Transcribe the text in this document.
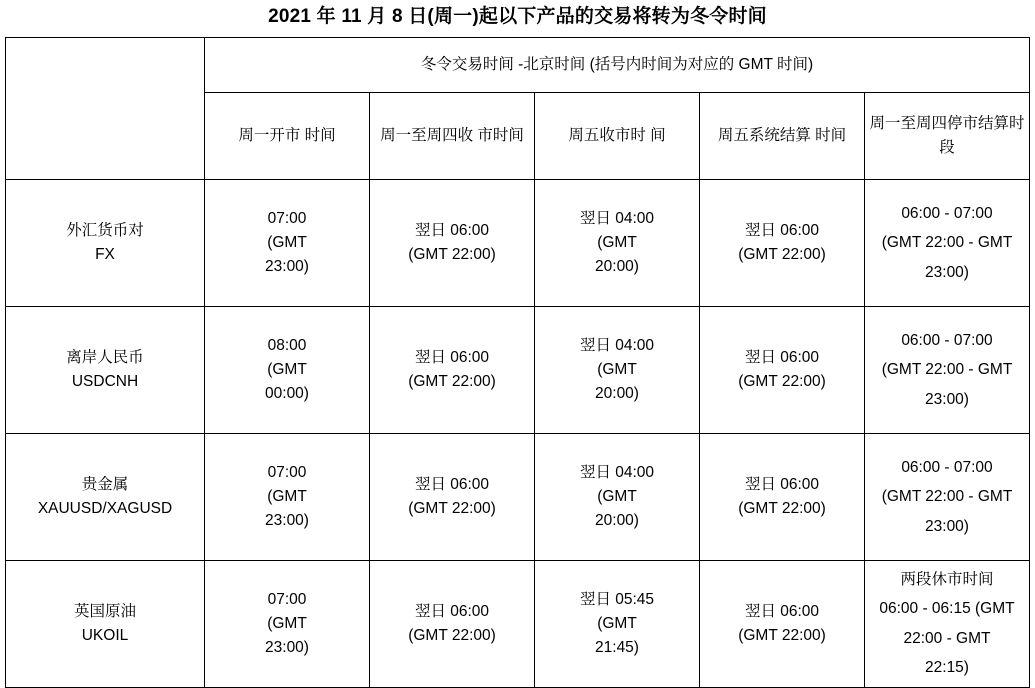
2021 年 11 月 8 日(周一)起以下产品的交易将转为冬令时间
	冬令交易时间 -北京时间 (括号内时间为对应的 GMT 时间)				

	周一开市 时间	周一至周四收 市时间	周五收市时 间	周五系统结算 时间	周一至周四停市结算时段

外汇货币对
FX	07:00
(GMT
23:00)	翌日 06:00
(GMT 22:00)	翌日 04:00
(GMT
20:00)	翌日 06:00
(GMT 22:00)	06:00 - 07:00
(GMT 22:00 - GMT 23:00)

离岸人民币
USDCNH	08:00
(GMT
00:00)	翌日 06:00
(GMT 22:00)	翌日 04:00
(GMT
20:00)	翌日 06:00
(GMT 22:00)	06:00 - 07:00
(GMT 22:00 - GMT 23:00)

贵金属
XAUUSD/XAGUSD	07:00
(GMT
23:00)	翌日 06:00
(GMT 22:00)	翌日 04:00
(GMT
20:00)	翌日 06:00
(GMT 22:00)	06:00 - 07:00
(GMT 22:00 - GMT 23:00)

英国原油
UKOIL	07:00
(GMT
23:00)	翌日 06:00
(GMT 22:00)	翌日 05:45
(GMT
21:45)	翌日 06:00
(GMT 22:00)	两段休市时间
06:00 - 06:15 (GMT 22:00 - GMT
22:15)
